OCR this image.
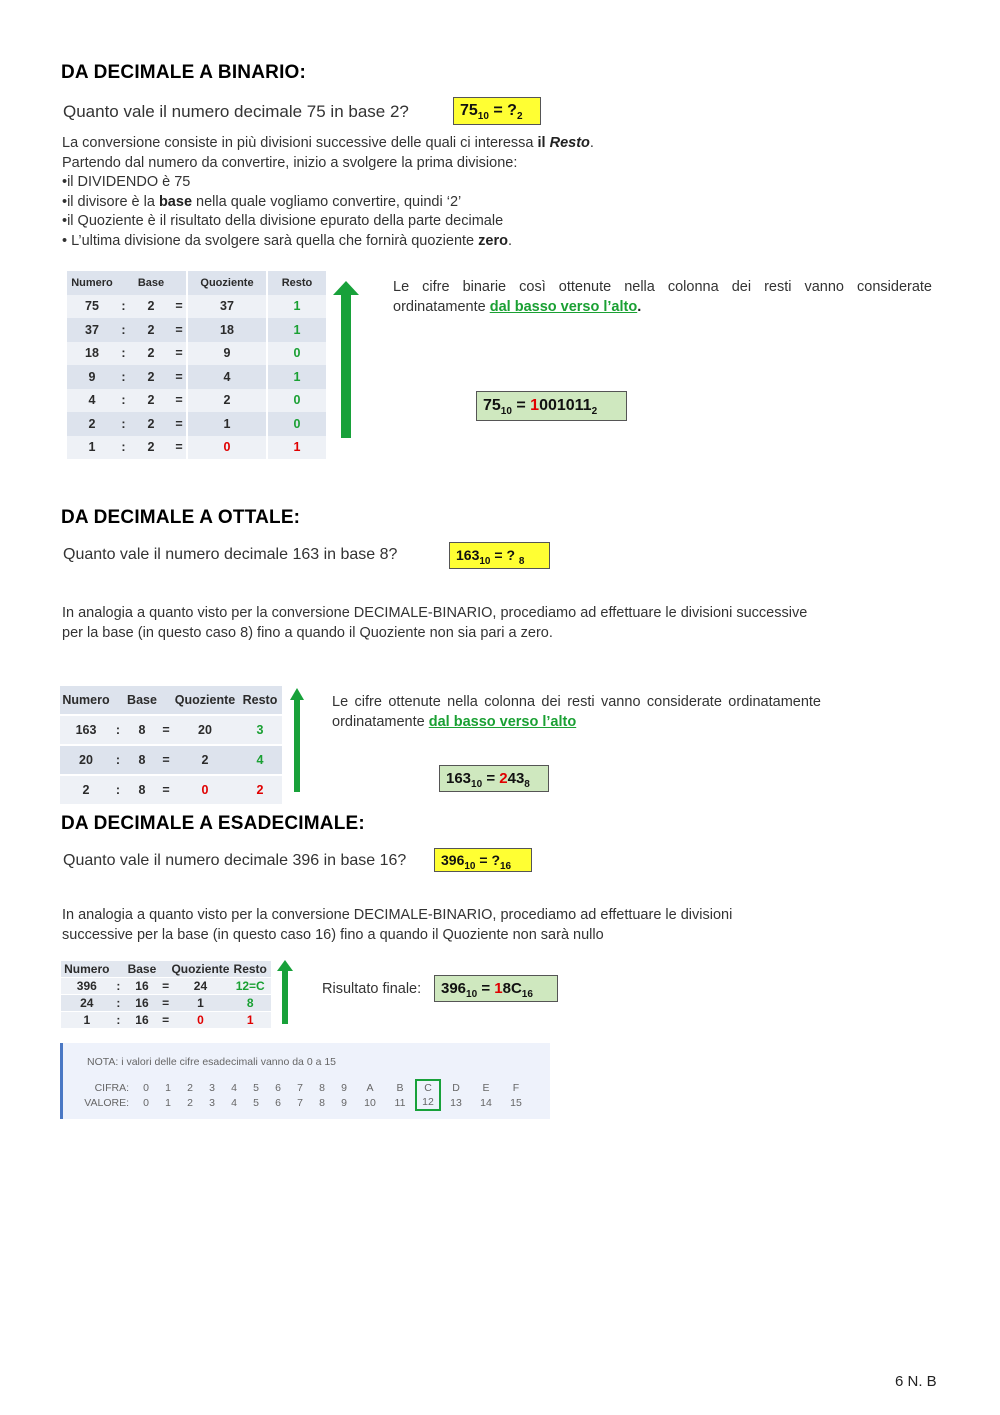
DA DECIMALE A BINARIO:
Quanto vale il numero decimale 75 in base 2?	$75_{10}$ = $?_2$
La conversione consiste in più divisioni successive delle quali ci interessa il Resto.
Partendo dal numero da convertire, inizio a svolgere la prima divisione:
•il DIVIDENDO è 75
•il divisore è la base nella quale vogliamo convertire, quindi ‘2’
•il Quoziente è il risultato della divisione epurato della parte decimale
• L’ultima divisione da svolgere sarà quella che fornirà quoziente zero.
Numero		Base		Quoziente	Resto
75	:	2	=	37	1
37	:	2	=	18	1
18	:	2	=	9	0
9	:	2	=	4	1
4	:	2	=	2	0
2	:	2	=	1	0
1	:	2	=	0	1
Le cifre binarie così ottenute nella colonna dei resti vanno considerate
ordinatamente dal basso verso l’alto.
$75_{10} = 1001011_2$
DA DECIMALE A OTTALE:
Quanto vale il numero decimale 163 in base 8?	$163_{10}$ = ? $_8$
In analogia a quanto visto per la conversione DECIMALE-BINARIO, procediamo ad effettuare le divisioni successive per la base (in questo caso 8) fino a quando il Quoziente non sia pari a zero.
Numero		Base		Quoziente	Resto
163	:	8	=	20	3
20	:	8	=	2	4
2	:	8	=	0	2
Le cifre ottenute nella colonna dei resti vanno considerate ordinatamente
ordinatamente dal basso verso l’alto
$163_{10} = 243_8$
DA DECIMALE A ESADECIMALE:
Quanto vale il numero decimale 396 in base 16?	$396_{10}$ = $?_{16}$
In analogia a quanto visto per la conversione DECIMALE-BINARIO, procediamo ad effettuare le divisioni successive per la base (in questo caso 16) fino a quando il Quoziente non sarà nullo
Numero		Base		Quoziente	Resto
396	:	16	=	24	12=C
24	:	16	=	1	8
1	:	16	=	0	1
Risultato finale:	$396_{10} = 18C_{16}$
NOTA: i valori delle cifre esadecimali vanno da 0 a 15
CIFRA:	0	1	2	3	4	5	6	7	8	9	A	B	C	D	E	F
VALORE:	0	1	2	3	4	5	6	7	8	9	10	11	12	13	14	15
6 N. B
